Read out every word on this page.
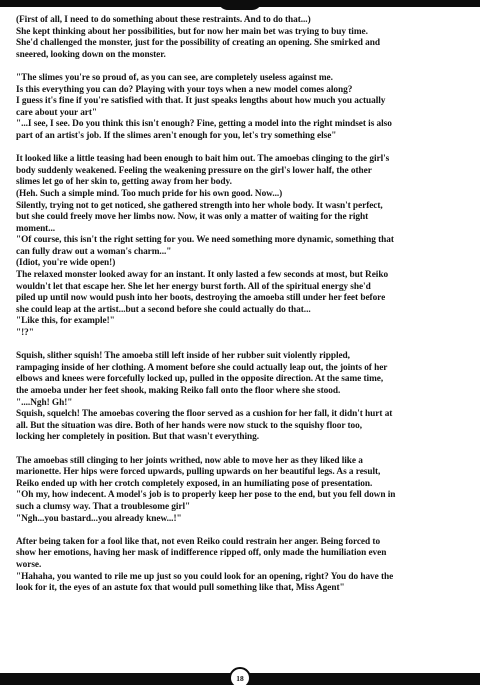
(First of all, I need to do something about these restraints. And to do that...)
She kept thinking about her possibilities, but for now her main bet was trying to buy time.
She'd challenged the monster, just for the possibility of creating an opening. She smirked and
sneered, looking down on the monster.
"The slimes you're so proud of, as you can see, are completely useless against me.
Is this everything you can do? Playing with your toys when a new model comes along?
I guess it's fine if you're satisfied with that. It just speaks lengths about how much you actually
care about your art"
"...I see, I see. Do you think this isn't enough? Fine, getting a model into the right mindset is also
part of an artist's job. If the slimes aren't enough for you, let's try something else"
It looked like a little teasing had been enough to bait him out. The amoebas clinging to the girl's
body suddenly weakened. Feeling the weakening pressure on the girl's lower half, the other
slimes let go of her skin to, getting away from her body.
(Heh. Such a simple mind. Too much pride for his own good. Now...)
Silently, trying not to get noticed, she gathered strength into her whole body. It wasn't perfect,
but she could freely move her limbs now. Now, it was only a matter of waiting for the right
moment...
"Of course, this isn't the right setting for you. We need something more dynamic, something that
can fully draw out a woman's charm..."
(Idiot, you're wide open!)
The relaxed monster looked away for an instant. It only lasted a few seconds at most, but Reiko
wouldn't let that escape her. She let her energy burst forth. All of the spiritual energy she'd
piled up until now would push into her boots, destroying the amoeba still under her feet before
she could leap at the artist...but a second before she could actually do that...
"Like this, for example!"
"!?"
Squish, slither squish! The amoeba still left inside of her rubber suit violently rippled,
rampaging inside of her clothing. A moment before she could actually leap out, the joints of her
elbows and knees were forcefully locked up, pulled in the opposite direction. At the same time,
the amoeba under her feet shook, making Reiko fall onto the floor where she stood.
"....Ngh! Gh!"
Squish, squelch! The amoebas covering the floor served as a cushion for her fall, it didn't hurt at
all. But the situation was dire. Both of her hands were now stuck to the squishy floor too,
locking her completely in position. But that wasn't everything.
The amoebas still clinging to her joints writhed, now able to move her as they liked like a
marionette. Her hips were forced upwards, pulling upwards on her beautiful legs. As a result,
Reiko ended up with her crotch completely exposed, in an humiliating pose of presentation.
"Oh my, how indecent. A model's job is to properly keep her pose to the end, but you fell down in
such a clumsy way. That a troublesome girl"
"Ngh...you bastard...you already knew...!"
After being taken for a fool like that, not even Reiko could restrain her anger. Being forced to
show her emotions, having her mask of indifference ripped off, only made the humiliation even
worse.
"Hahaha, you wanted to rile me up just so you could look for an opening, right? You do have the
look for it, the eyes of an astute fox that would pull something like that, Miss Agent"
18
